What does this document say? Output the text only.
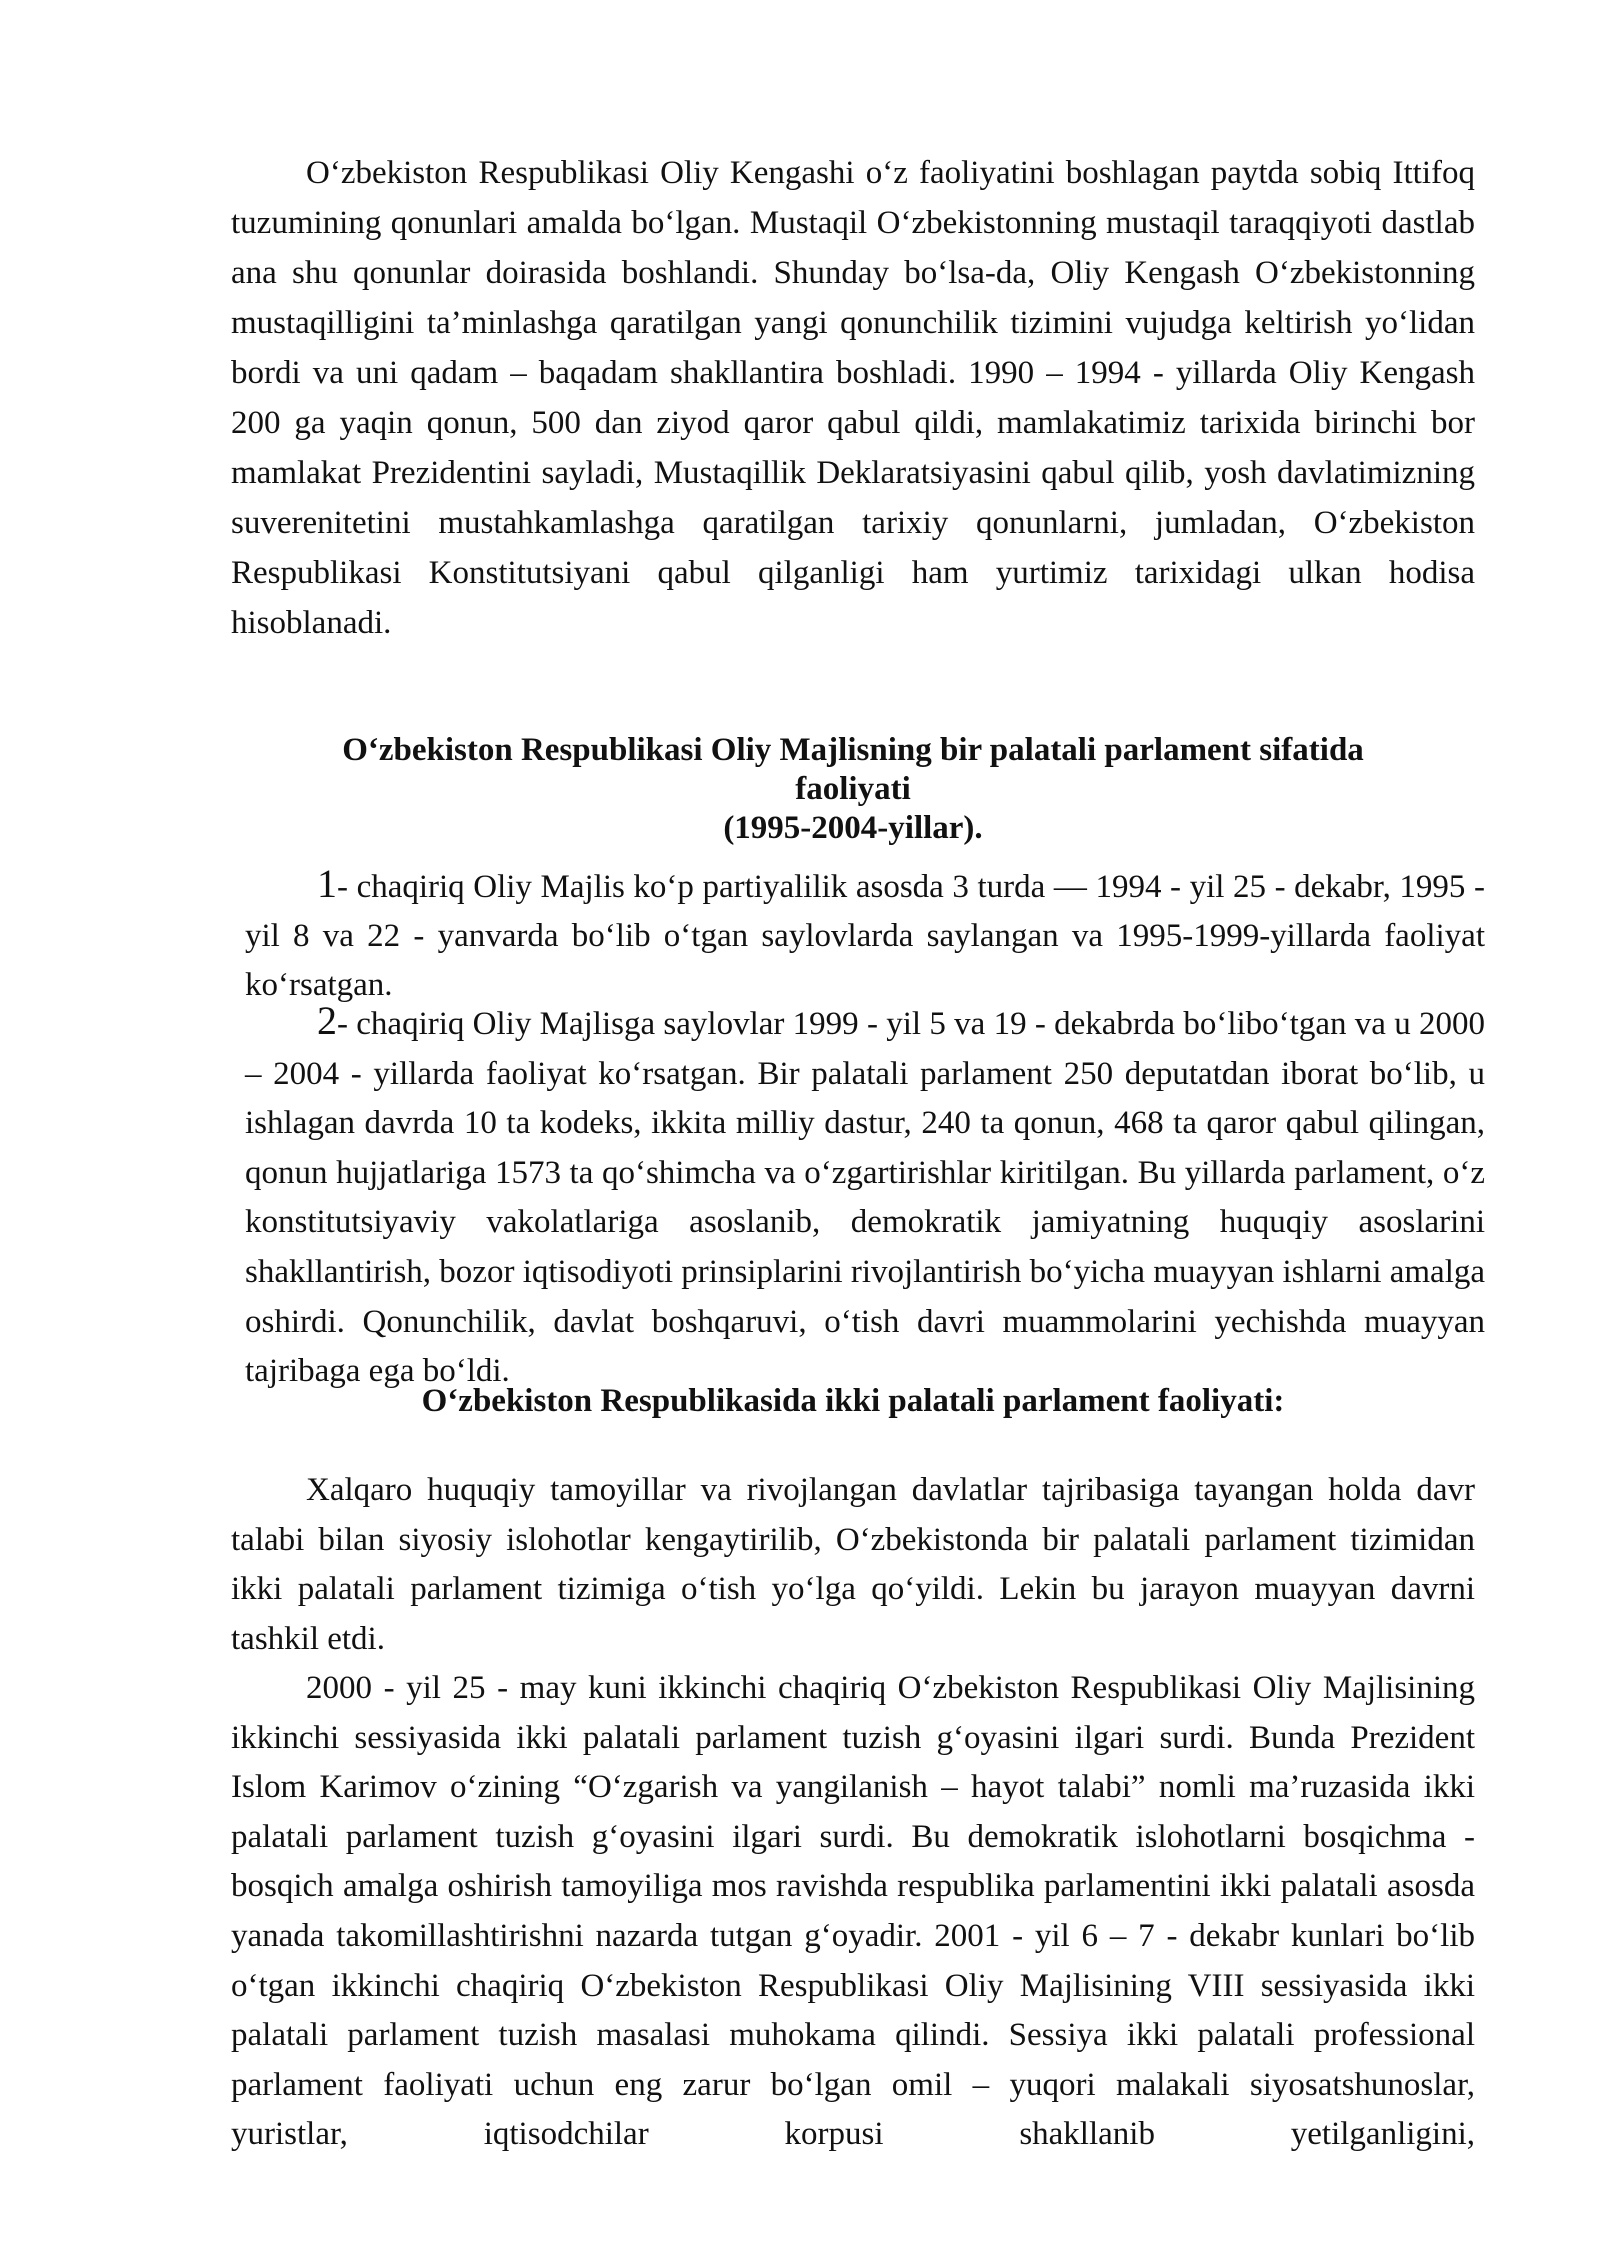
O‘zbekiston Respublikasi Oliy Kengashi o‘z faoliyatini boshlagan paytda sobiq Ittifoq tuzumining qonunlari amalda bo‘lgan. Mustaqil O‘zbekistonning mustaqil taraqqiyoti dastlab ana shu qonunlar doirasida boshlandi. Shunday bo‘lsa-da, Oliy Kengash O‘zbekistonning mustaqilligini ta’minlashga qaratilgan yangi qonunchilik tizimini vujudga keltirish yo‘lidan bordi va uni qadam – baqadam shakllantira boshladi. 1990 – 1994 - yillarda Oliy Kengash 200 ga yaqin qonun, 500 dan ziyod qaror qabul qildi, mamlakatimiz tarixida birinchi bor mamlakat Prezidentini sayladi, Mustaqillik Deklaratsiyasini qabul qilib, yosh davlatimizning suverenitetini mustahkamlashga qaratilgan tarixiy qonunlarni, jumladan, O‘zbekiston Respublikasi Konstitutsiyani qabul qilganligi ham yurtimiz tarixidagi ulkan hodisa hisoblanadi.

O‘zbekiston Respublikasi Oliy Majlisning bir palatali parlament sifatida
faoliyati
(1995-2004-yillar).

1- chaqiriq Oliy Majlis ko‘p partiyalilik asosda 3 turda — 1994 - yil 25 - dekabr, 1995 - yil 8 va 22 - yanvarda bo‘lib o‘tgan saylovlarda saylangan va 1995-1999-yillarda faoliyat ko‘rsatgan.

2- chaqiriq Oliy Majlisga saylovlar 1999 - yil 5 va 19 - dekabrda bo‘libo‘tgan va u 2000 – 2004 - yillarda faoliyat ko‘rsatgan. Bir palatali parlament 250 deputatdan iborat bo‘lib, u ishlagan davrda 10 ta kodeks, ikkita milliy dastur, 240 ta qonun, 468 ta qaror qabul qilingan, qonun hujjatlariga 1573 ta qo‘shimcha va o‘zgartirishlar kiritilgan. Bu yillarda parlament, o‘z konstitutsiyaviy vakolatlariga asoslanib, demokratik jamiyatning huquqiy asoslarini shakllantirish, bozor iqtisodiyoti prinsiplarini rivojlantirish bo‘yicha muayyan ishlarni amalga oshirdi. Qonunchilik, davlat boshqaruvi, o‘tish davri muammolarini yechishda muayyan tajribaga ega bo‘ldi.

O‘zbekiston Respublikasida ikki palatali parlament faoliyati:

Xalqaro huquqiy tamoyillar va rivojlangan davlatlar tajribasiga tayangan holda davr talabi bilan siyosiy islohotlar kengaytirilib, O‘zbekistonda bir palatali parlament tizimidan ikki palatali parlament tizimiga o‘tish yo‘lga qo‘yildi. Lekin bu jarayon muayyan davrni tashkil etdi.

2000 - yil 25 - may kuni ikkinchi chaqiriq O‘zbekiston Respublikasi Oliy Majlisining ikkinchi sessiyasida ikki palatali parlament tuzish g‘oyasini ilgari surdi. Bunda Prezident Islom Karimov o‘zining “O‘zgarish va yangilanish – hayot talabi” nomli ma’ruzasida ikki palatali parlament tuzish g‘oyasini ilgari surdi. Bu demokratik islohotlarni bosqichma - bosqich amalga oshirish tamoyiliga mos ravishda respublika parlamentini ikki palatali asosda yanada takomillashtirishni nazarda tutgan g‘oyadir. 2001 - yil 6 – 7 - dekabr kunlari bo‘lib o‘tgan ikkinchi chaqiriq O‘zbekiston Respublikasi Oliy Majlisining VIII sessiyasida ikki palatali parlament tuzish masalasi muhokama qilindi. Sessiya ikki palatali professional parlament faoliyati uchun eng zarur bo‘lgan omil – yuqori malakali siyosatshunoslar, yuristlar, iqtisodchilar korpusi shakllanib yetilganligini,
